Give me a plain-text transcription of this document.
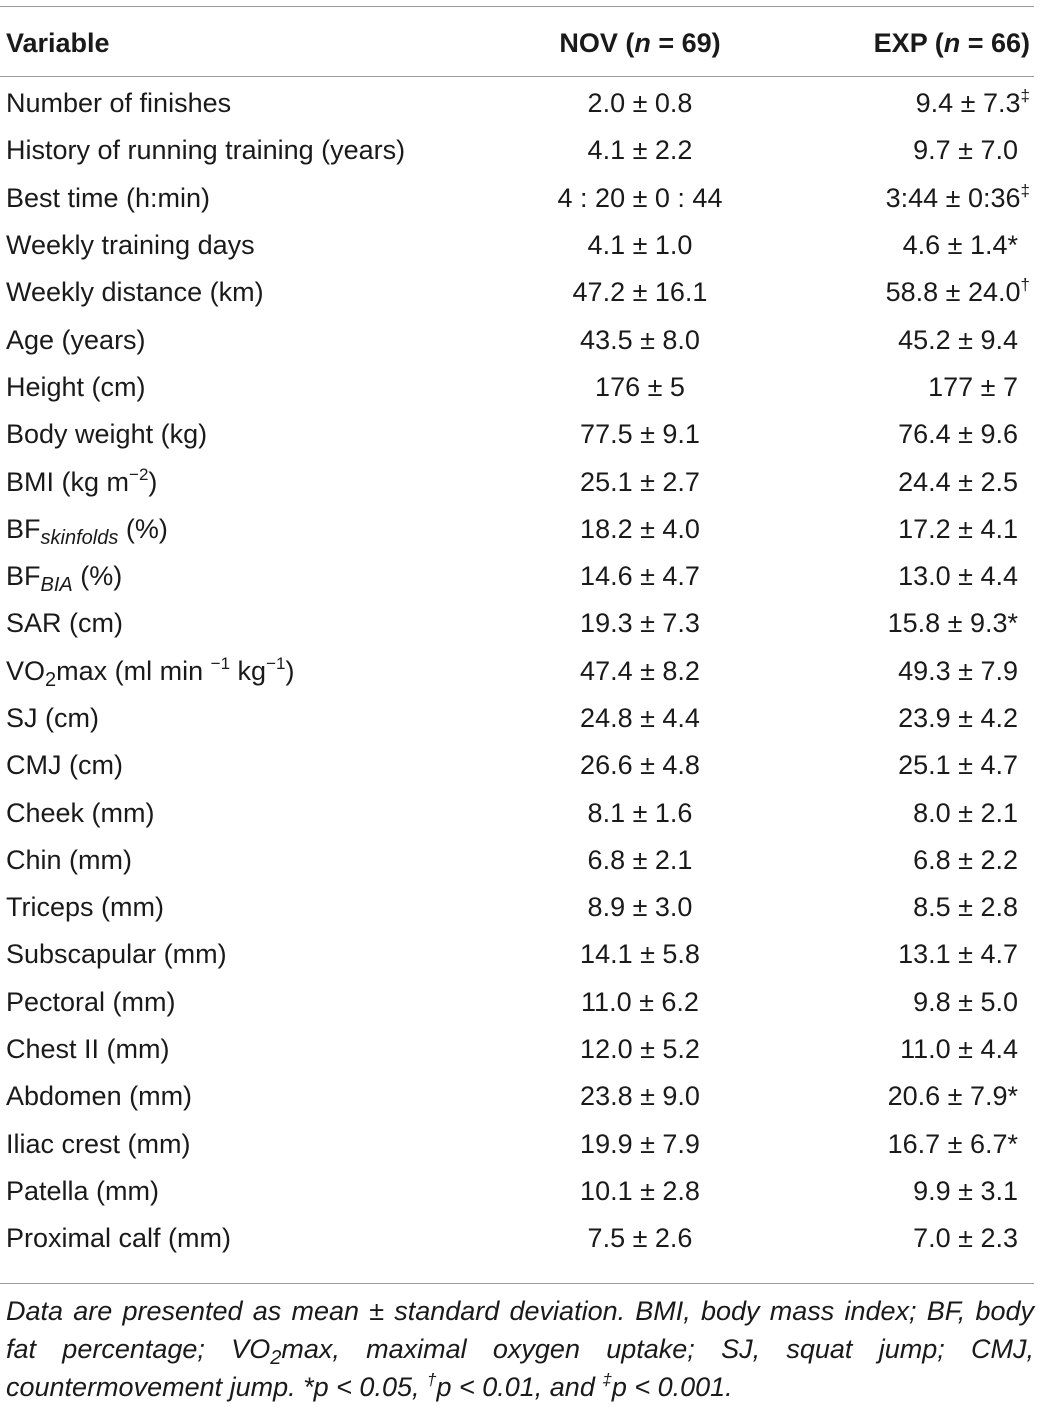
Variable	NOV (n = 69)	EXP (n = 66)
Number of finishes	2.0 ± 0.8	9.4 ± 7.3‡
History of running training (years)	4.1 ± 2.2	9.7 ± 7.0
Best time (h:min)	4 : 20 ± 0 : 44	3:44 ± 0:36‡
Weekly training days	4.1 ± 1.0	4.6 ± 1.4*
Weekly distance (km)	47.2 ± 16.1	58.8 ± 24.0†
Age (years)	43.5 ± 8.0	45.2 ± 9.4
Height (cm)	176 ± 5	177 ± 7
Body weight (kg)	77.5 ± 9.1	76.4 ± 9.6
BMI (kg $m^{-2}$)	25.1 ± 2.7	24.4 ± 2.5
$BF_{skinfolds}$ (%)	18.2 ± 4.0	17.2 ± 4.1
$BF_{BIA}$ (%)	14.6 ± 4.7	13.0 ± 4.4
SAR (cm)	19.3 ± 7.3	15.8 ± 9.3*
$VO_2\max$ (ml min $^{-1}$ $kg^{-1}$)	47.4 ± 8.2	49.3 ± 7.9
SJ (cm)	24.8 ± 4.4	23.9 ± 4.2
CMJ (cm)	26.6 ± 4.8	25.1 ± 4.7
Cheek (mm)	8.1 ± 1.6	8.0 ± 2.1
Chin (mm)	6.8 ± 2.1	6.8 ± 2.2
Triceps (mm)	8.9 ± 3.0	8.5 ± 2.8
Subscapular (mm)	14.1 ± 5.8	13.1 ± 4.7
Pectoral (mm)	11.0 ± 6.2	9.8 ± 5.0
Chest II (mm)	12.0 ± 5.2	11.0 ± 4.4
Abdomen (mm)	23.8 ± 9.0	20.6 ± 7.9*
Iliac crest (mm)	19.9 ± 7.9	16.7 ± 6.7*
Patella (mm)	10.1 ± 2.8	9.9 ± 3.1
Proximal calf (mm)	7.5 ± 2.6	7.0 ± 2.3
Data are presented as mean ± standard deviation. BMI, body mass index; BF, body fat percentage; $VO_2\max$, maximal oxygen uptake; SJ, squat jump; CMJ, countermovement jump. *p < 0.05, †p < 0.01, and ‡p < 0.001.
